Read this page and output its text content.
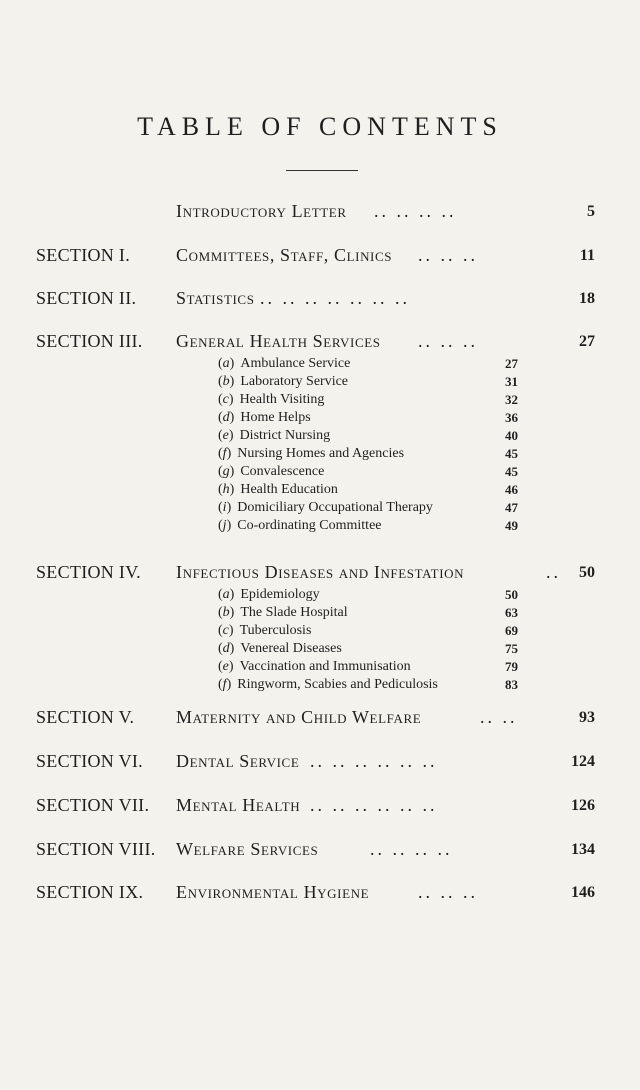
TABLE OF CONTENTS
Introductory Letter .. .. .. ..	5
SECTION I.	Committees, Staff, Clinics .. .. ..	11
SECTION II. Statistics .. .. .. .. .. .. ..	18
SECTION III. General Health Services .. .. ..	27
(a) Ambulance Service	27
(b) Laboratory Service	31
(c) Health Visiting	32
(d) Home Helps	36
(e) District Nursing	40
(f) Nursing Homes and Agencies	45
(g) Convalescence	45
(h) Health Education	46
(i) Domiciliary Occupational Therapy	47
(j) Co-ordinating Committee	49
SECTION IV. Infectious Diseases and Infestation	.. 50
(a) Epidemiology	50
(b) The Slade Hospital	63
(c) Tuberculosis	69
(d) Venereal Diseases	75
(e) Vaccination and Immunisation	79
(f) Ringworm, Scabies and Pediculosis	83
SECTION V. Maternity and Child Welfare	.. ..	93
SECTION VI. Dental Service .. .. .. .. .. ..	124
SECTION VII. Mental Health .. .. .. .. .. ..	126
SECTION VIII. Welfare Services	.. .. .. ..	134
SECTION IX. Environmental Hygiene	.. .. ..	146
